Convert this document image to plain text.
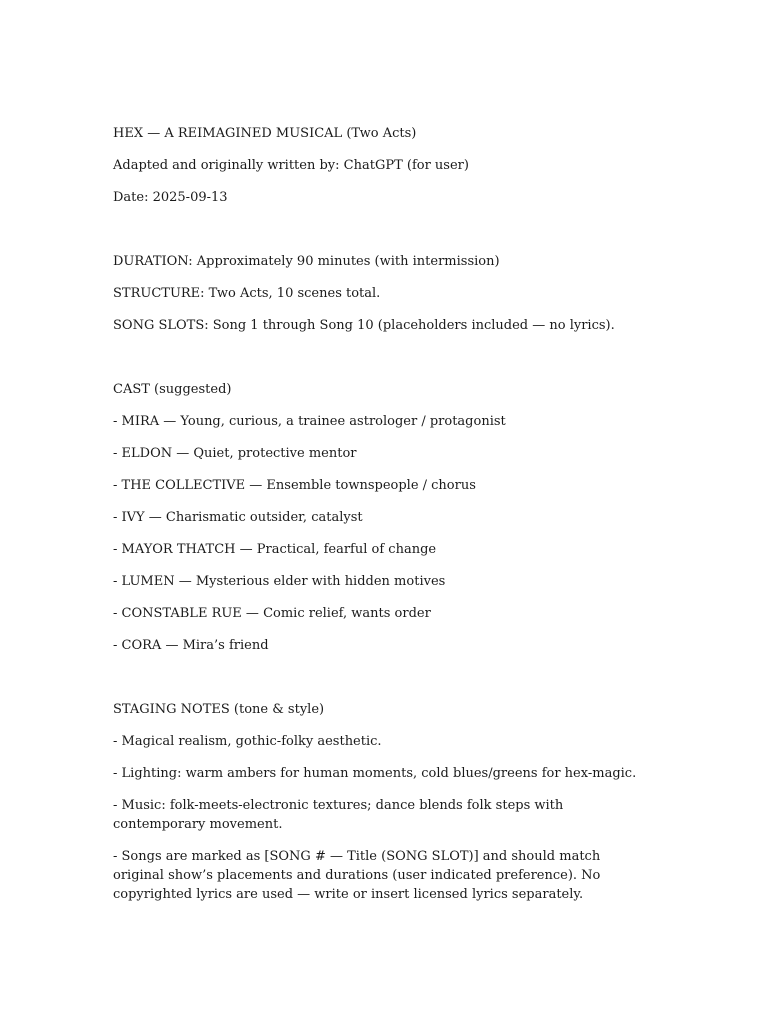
HEX — A REIMAGINED MUSICAL (Two Acts)

Adapted and originally written by: ChatGPT (for user)

Date: 2025-09-13

DURATION: Approximately 90 minutes (with intermission)

STRUCTURE: Two Acts, 10 scenes total.

SONG SLOTS: Song 1 through Song 10 (placeholders included — no lyrics).

CAST (suggested)

- MIRA — Young, curious, a trainee astrologer / protagonist

- ELDON — Quiet, protective mentor

- THE COLLECTIVE — Ensemble townspeople / chorus

- IVY — Charismatic outsider, catalyst

- MAYOR THATCH — Practical, fearful of change

- LUMEN — Mysterious elder with hidden motives

- CONSTABLE RUE — Comic relief, wants order

- CORA — Mira’s friend

STAGING NOTES (tone & style)

- Magical realism, gothic-folky aesthetic.

- Lighting: warm ambers for human moments, cold blues/greens for hex-magic.

- Music: folk-meets-electronic textures; dance blends folk steps with contemporary movement.

- Songs are marked as [SONG # — Title (SONG SLOT)] and should match original show’s placements and durations (user indicated preference). No copyrighted lyrics are used — write or insert licensed lyrics separately.
